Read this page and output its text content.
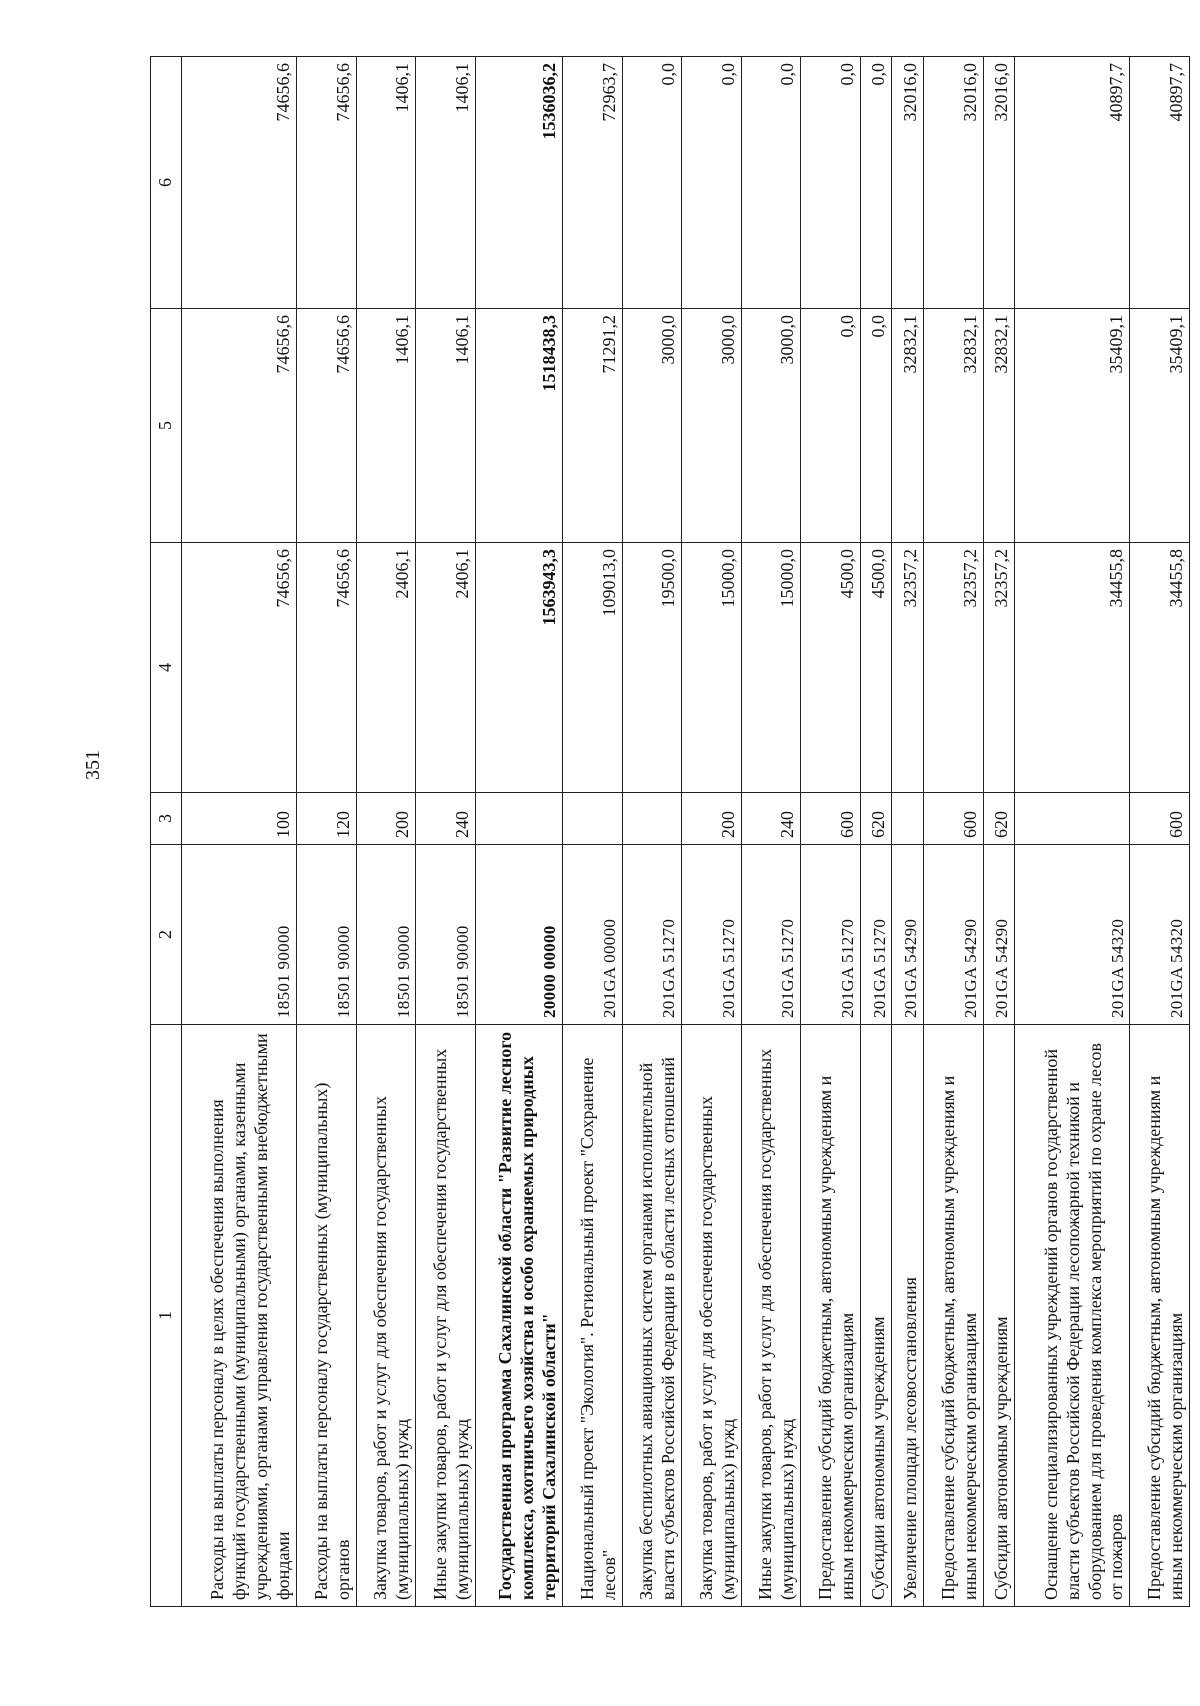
351
1	2	3	4	5	6
Расходы на выплаты персоналу в целях обеспечения выполнения функций государственными (муниципальными) органами, казенными учреждениями, органами управления государственными внебюджетными фондами	18501 90000	100	74656,6	74656,6	74656,6
Расходы на выплаты персоналу государственных (муниципальных) органов	18501 90000	120	74656,6	74656,6	74656,6
Закупка товаров, работ и услуг для обеспечения государственных (муниципальных) нужд	18501 90000	200	2406,1	1406,1	1406,1
Иные закупки товаров, работ и услуг для обеспечения государственных (муниципальных) нужд	18501 90000	240	2406,1	1406,1	1406,1
Государственная программа Сахалинской области "Развитие лесного комплекса, охотничьего хозяйства и особо охраняемых природных территорий Сахалинской области"	20000 00000		1563943,3	1518438,3	1536036,2
Национальный проект "Экология". Региональный проект "Сохранение лесов"	201GA 00000		109013,0	71291,2	72963,7
Закупка беспилотных авиационных систем органами исполнительной власти субъектов Российской Федерации в области лесных отношений	201GA 51270		19500,0	3000,0	0,0
Закупка товаров, работ и услуг для обеспечения государственных (муниципальных) нужд	201GA 51270	200	15000,0	3000,0	0,0
Иные закупки товаров, работ и услуг для обеспечения государственных (муниципальных) нужд	201GA 51270	240	15000,0	3000,0	0,0
Предоставление субсидий бюджетным, автономным учреждениям и иным некоммерческим организациям	201GA 51270	600	4500,0	0,0	0,0
Субсидии автономным учреждениям	201GA 51270	620	4500,0	0,0	0,0
Увеличение площади лесовосстановления	201GA 54290		32357,2	32832,1	32016,0
Предоставление субсидий бюджетным, автономным учреждениям и иным некоммерческим организациям	201GA 54290	600	32357,2	32832,1	32016,0
Субсидии автономным учреждениям	201GA 54290	620	32357,2	32832,1	32016,0
Оснащение специализированных учреждений органов государственной власти субъектов Российской Федерации лесопожарной техникой и оборудованием для проведения комплекса мероприятий по охране лесов от пожаров	201GA 54320		34455,8	35409,1	40897,7
Предоставление субсидий бюджетным, автономным учреждениям и иным некоммерческим организациям	201GA 54320	600	34455,8	35409,1	40897,7
